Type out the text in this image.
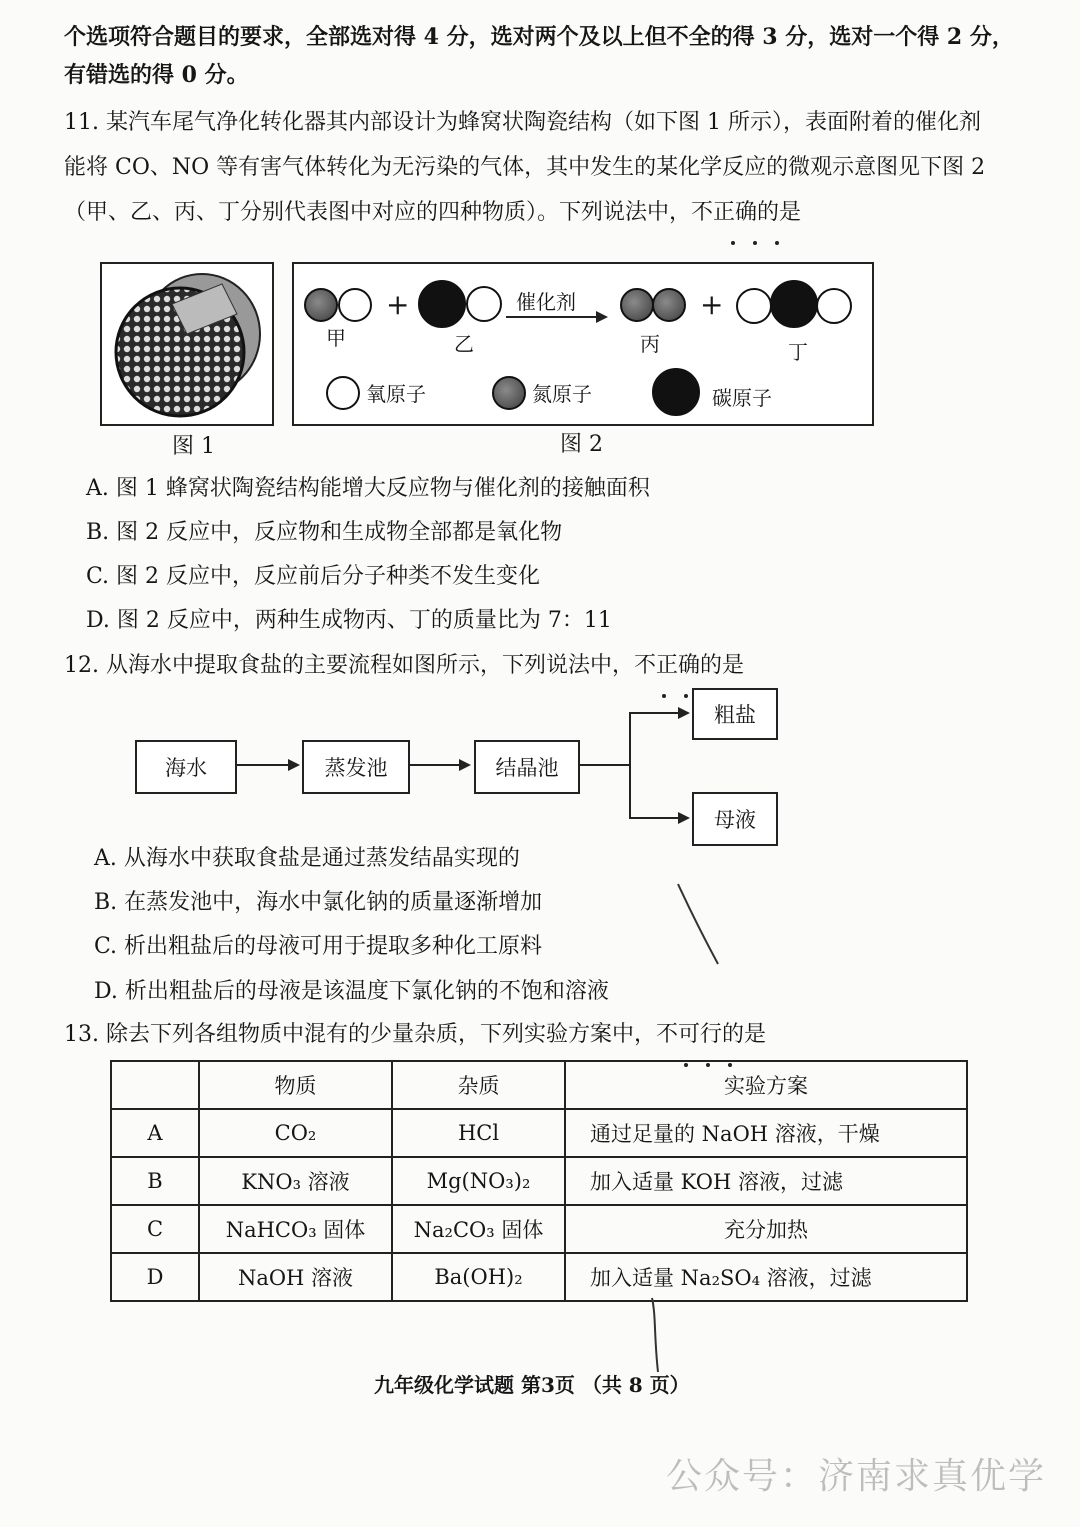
个选项符合题目的要求，全部选对得 4 分，选对两个及以上但不全的得 3 分，选对一个得 2 分，
有错选的得 0 分。
11. 某汽车尾气净化转化器其内部设计为蜂窝状陶瓷结构（如下图 1 所示），表面附着的催化剂
能将 CO、NO 等有害气体转化为无污染的气体，其中发生的某化学反应的微观示意图见下图 2
（甲、乙、丙、丁分别代表图中对应的四种物质）。下列说法中，不正确的是
图 1
甲
+
乙
催化剂
丙
+
丁
氧原子	氮原子	碳原子
图 2
A. 图 1 蜂窝状陶瓷结构能增大反应物与催化剂的接触面积
B. 图 2 反应中，反应物和生成物全部都是氧化物
C. 图 2 反应中，反应前后分子种类不发生变化
D. 图 2 反应中，两种生成物丙、丁的质量比为 7：11
12. 从海水中提取食盐的主要流程如图所示，下列说法中，不正确的是
海水	蒸发池	结晶池
粗盐
母液
A. 从海水中获取食盐是通过蒸发结晶实现的
B. 在蒸发池中，海水中氯化钠的质量逐渐增加
C. 析出粗盐后的母液可用于提取多种化工原料
D. 析出粗盐后的母液是该温度下氯化钠的不饱和溶液
13. 除去下列各组物质中混有的少量杂质，下列实验方案中，不可行的是
	物质	杂质	实验方案
A	CO₂	HCl	通过足量的 NaOH 溶液，干燥
B	KNO₃ 溶液	Mg(NO₃)₂	加入适量 KOH 溶液，过滤
C	NaHCO₃ 固体	Na₂CO₃ 固体	充分加热
D	NaOH 溶液	Ba(OH)₂	加入适量 Na₂SO₄ 溶液，过滤
九年级化学试题 第3页 （共 8 页）
公众号：济南求真优学
